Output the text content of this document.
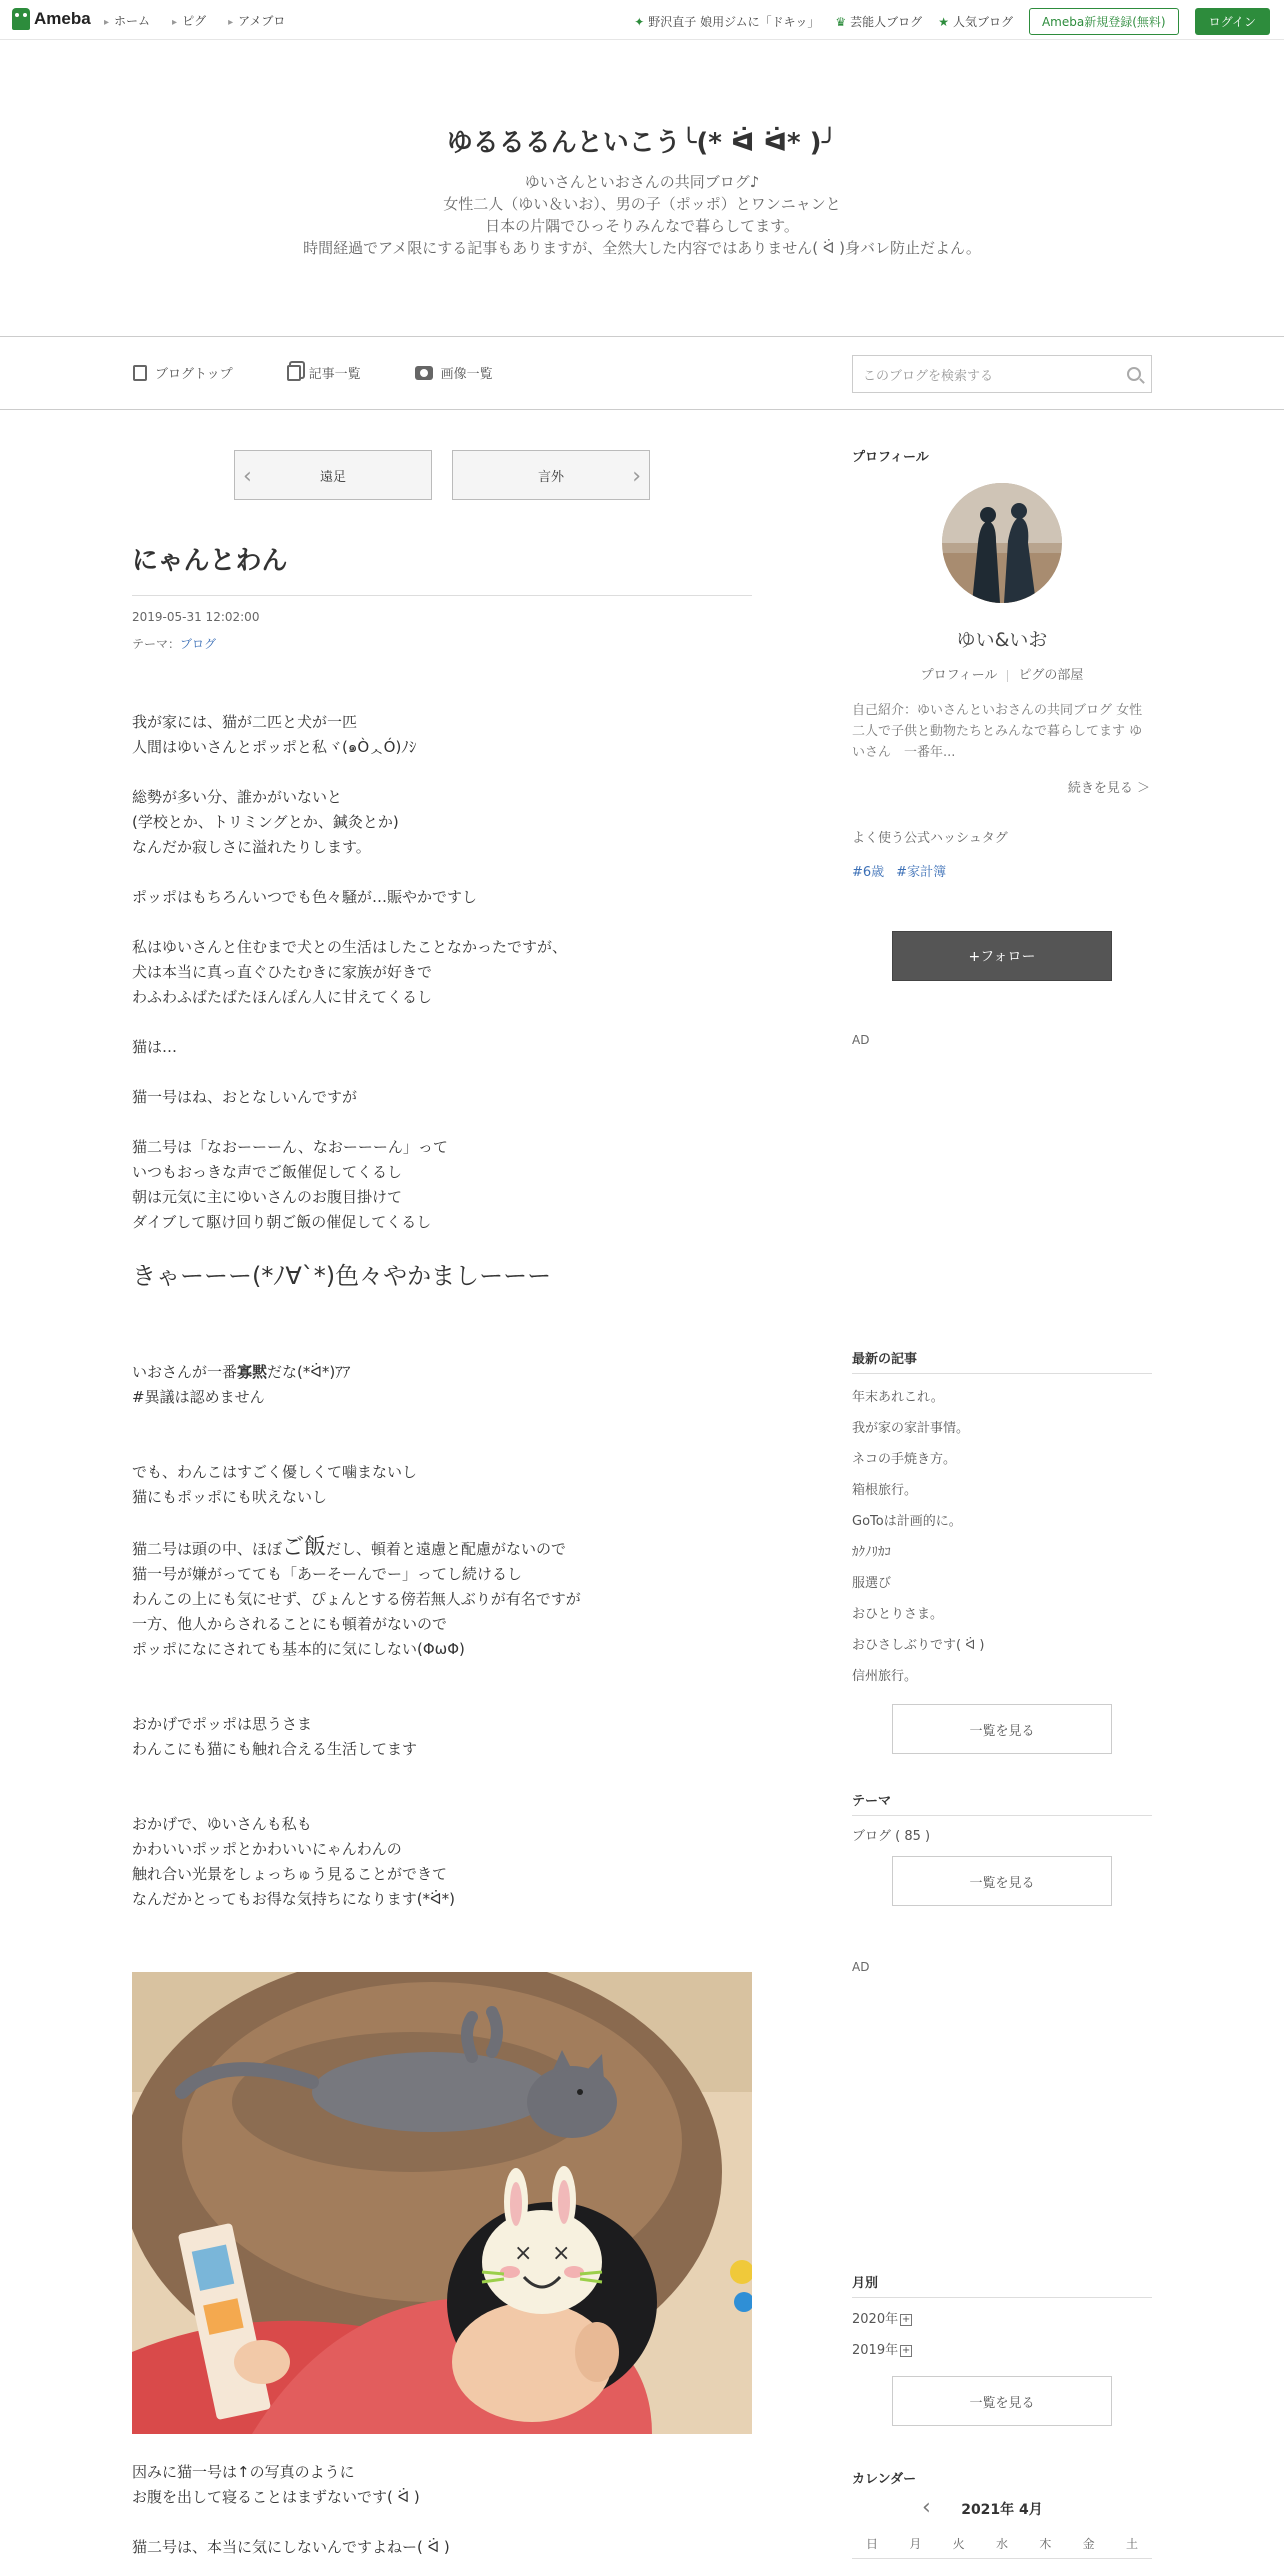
Ameba	▸ ホーム	▸ ピグ	▸ アメブロ	✦ 野沢直子 娘用ジムに「ドキッ」 ♛ 芸能人ブログ ★ 人気ブログ	Ameba新規登録(無料)	ログイン
ゆるるるんといこう╰(* ᐛ ᐛ* )╯
ゆいさんといおさんの共同ブログ♪
女性二人（ゆい＆いお）、男の子（ポッポ）とワンニャンと
日本の片隅でひっそりみんなで暮らしてます。
時間経過でアメ限にする記事もありますが、全然大した内容ではありません( ᐛ )身バレ防止だよん。
ブログトップ	記事一覧	画像一覧	このブログを検索する
‹	遠足	言外	›
にゃんとわん
2019-05-31 12:02:00
テーマ：ブログ
我が家には、猫が二匹と犬が一匹
人間はゆいさんとポッポと私ヾ(๑ÒᆺÓ)ﾉｼ
総勢が多い分、誰かがいないと
(学校とか、トリミングとか、鍼灸とか)
なんだか寂しさに溢れたりします。
ポッポはもちろんいつでも色々騒が…賑やかですし
私はゆいさんと住むまで犬との生活はしたことなかったですが、
犬は本当に真っ直ぐひたむきに家族が好きで
わふわふばたばたほんぽん人に甘えてくるし
猫は…
猫一号はね、おとなしいんですが
猫二号は「なおーーーん、なおーーーん」って
いつもおっきな声でご飯催促してくるし
朝は元気に主にゆいさんのお腹目掛けて
ダイブして駆け回り朝ご飯の催促してくるし
きゃーーー(*ﾉ∀`*)色々やかましーーー
いおさんが一番寡黙だな(*ᐛ*)ｱｱ
#異議は認めません
でも、わんこはすごく優しくて噛まないし
猫にもポッポにも吠えないし
猫二号は頭の中、ほぼご飯だし、頓着と遠慮と配慮がないので
猫一号が嫌がってても「あーそーんでー」ってし続けるし
わんこの上にも気にせず、ぴょんとする傍若無人ぶりが有名ですが
一方、他人からされることにも頓着がないので
ポッポになにされても基本的に気にしない(ΦωΦ)
おかげでポッポは思うさま
わんこにも猫にも触れ合える生活してます
おかげで、ゆいさんも私も
かわいいポッポとかわいいにゃんわんの
触れ合い光景をしょっちゅう見ることができて
なんだかとってもお得な気持ちになります(*ᐛ*)
× ×
因みに猫一号は↑の写真のように
お腹を出して寝ることはまずないです( ᐛ )
猫二号は、本当に気にしないんですよねー( ᐛ )
プロフィール
ゆい&いお
プロフィール ピグの部屋
自己紹介：ゆいさんといおさんの共同ブログ 女性二人で子供と動物たちとみんなで暮らしてます ゆいさん　一番年...
続きを見る ＞
よく使う公式ハッシュタグ
#6歳 #家計簿
+フォロー
AD
最新の記事
年末あれこれ。
我が家の家計事情。
ネコの手焼き方。
箱根旅行。
GoToは計画的に。
ｶｸﾉﾘｶｺ
服選び
おひとりさま。
おひさしぶりです( ᐛ )
信州旅行。
一覧を見る
テーマ
ブログ ( 85 )
一覧を見る
AD
月別
2020年 +
2019年 +
一覧を見る
カレンダー
‹ 2021年 4月
日	月	火	水	木	金	土
